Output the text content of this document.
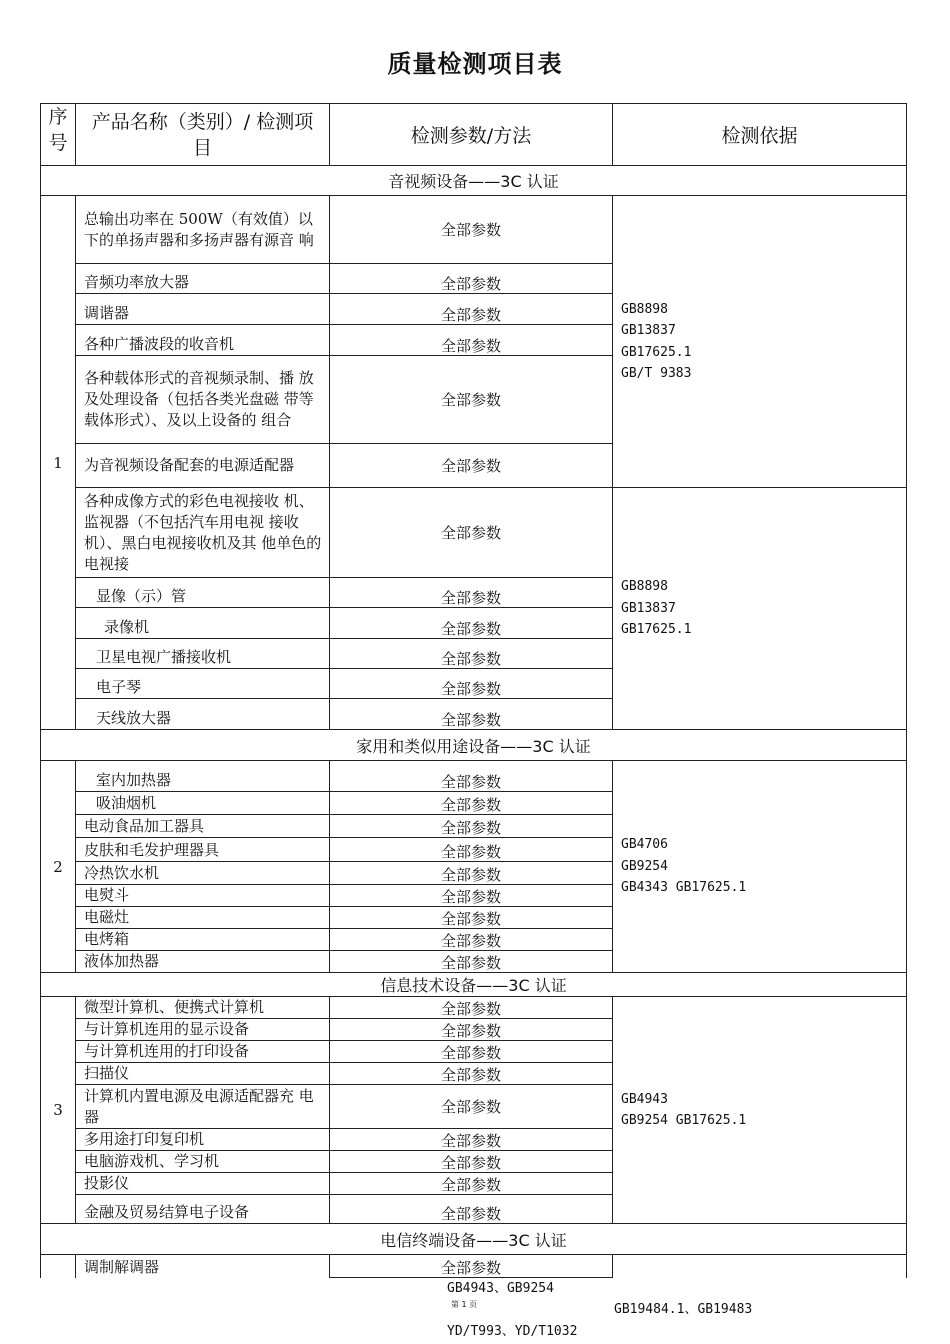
质量检测项目表
序号	产品名称（类别）/ 检测项目	检测参数/方法	检测依据
音视频设备——3C 认证			
1	总输出功率在 500W（有效值）以 下的单扬声器和多扬声器有源音 响	全部参数	GB8898
GB13837
GB17625.1
GB/T 9383

	音频功率放大器	全部参数	
	调谐器	全部参数	
	各种广播波段的收音机	全部参数	
	各种载体形式的音视频录制、播 放及处理设备（包括各类光盘磁 带等载体形式）、及以上设备的 组合	全部参数	
	为音视频设备配套的电源适配器	全部参数	
	各种成像方式的彩色电视接收 机、监视器（不包括汽车用电视 接收机）、黑白电视接收机及其 他单色的电视接	全部参数	GB8898
GB13837
GB17625.1

	显像（示）管	全部参数	
	录像机	全部参数	
	卫星电视广播接收机	全部参数	
	电子琴	全部参数	
	天线放大器	全部参数	
家用和类似用途设备——3C 认证			
2	室内加热器	全部参数	GB4706
GB9254
GB4343 GB17625.1

	吸油烟机	全部参数	
	电动食品加工器具	全部参数	
	皮肤和毛发护理器具	全部参数	
	冷热饮水机	全部参数	
	电熨斗	全部参数	
	电磁灶	全部参数	
	电烤箱	全部参数	
	液体加热器	全部参数	
信息技术设备——3C 认证			
3	微型计算机、便携式计算机	全部参数	GB4943
GB9254 GB17625.1

	与计算机连用的显示设备	全部参数	
	与计算机连用的打印设备	全部参数	
	扫描仪	全部参数	
	计算机内置电源及电源适配器充 电器	全部参数	
	多用途打印复印机	全部参数	
	电脑游戏机、学习机	全部参数	
	投影仪	全部参数	
	金融及贸易结算电子设备	全部参数	
电信终端设备——3C 认证			
	调制解调器	全部参数	
GB4943、GB9254
第 1 页	GB19484.1、GB19483
YD/T993、YD/T1032
